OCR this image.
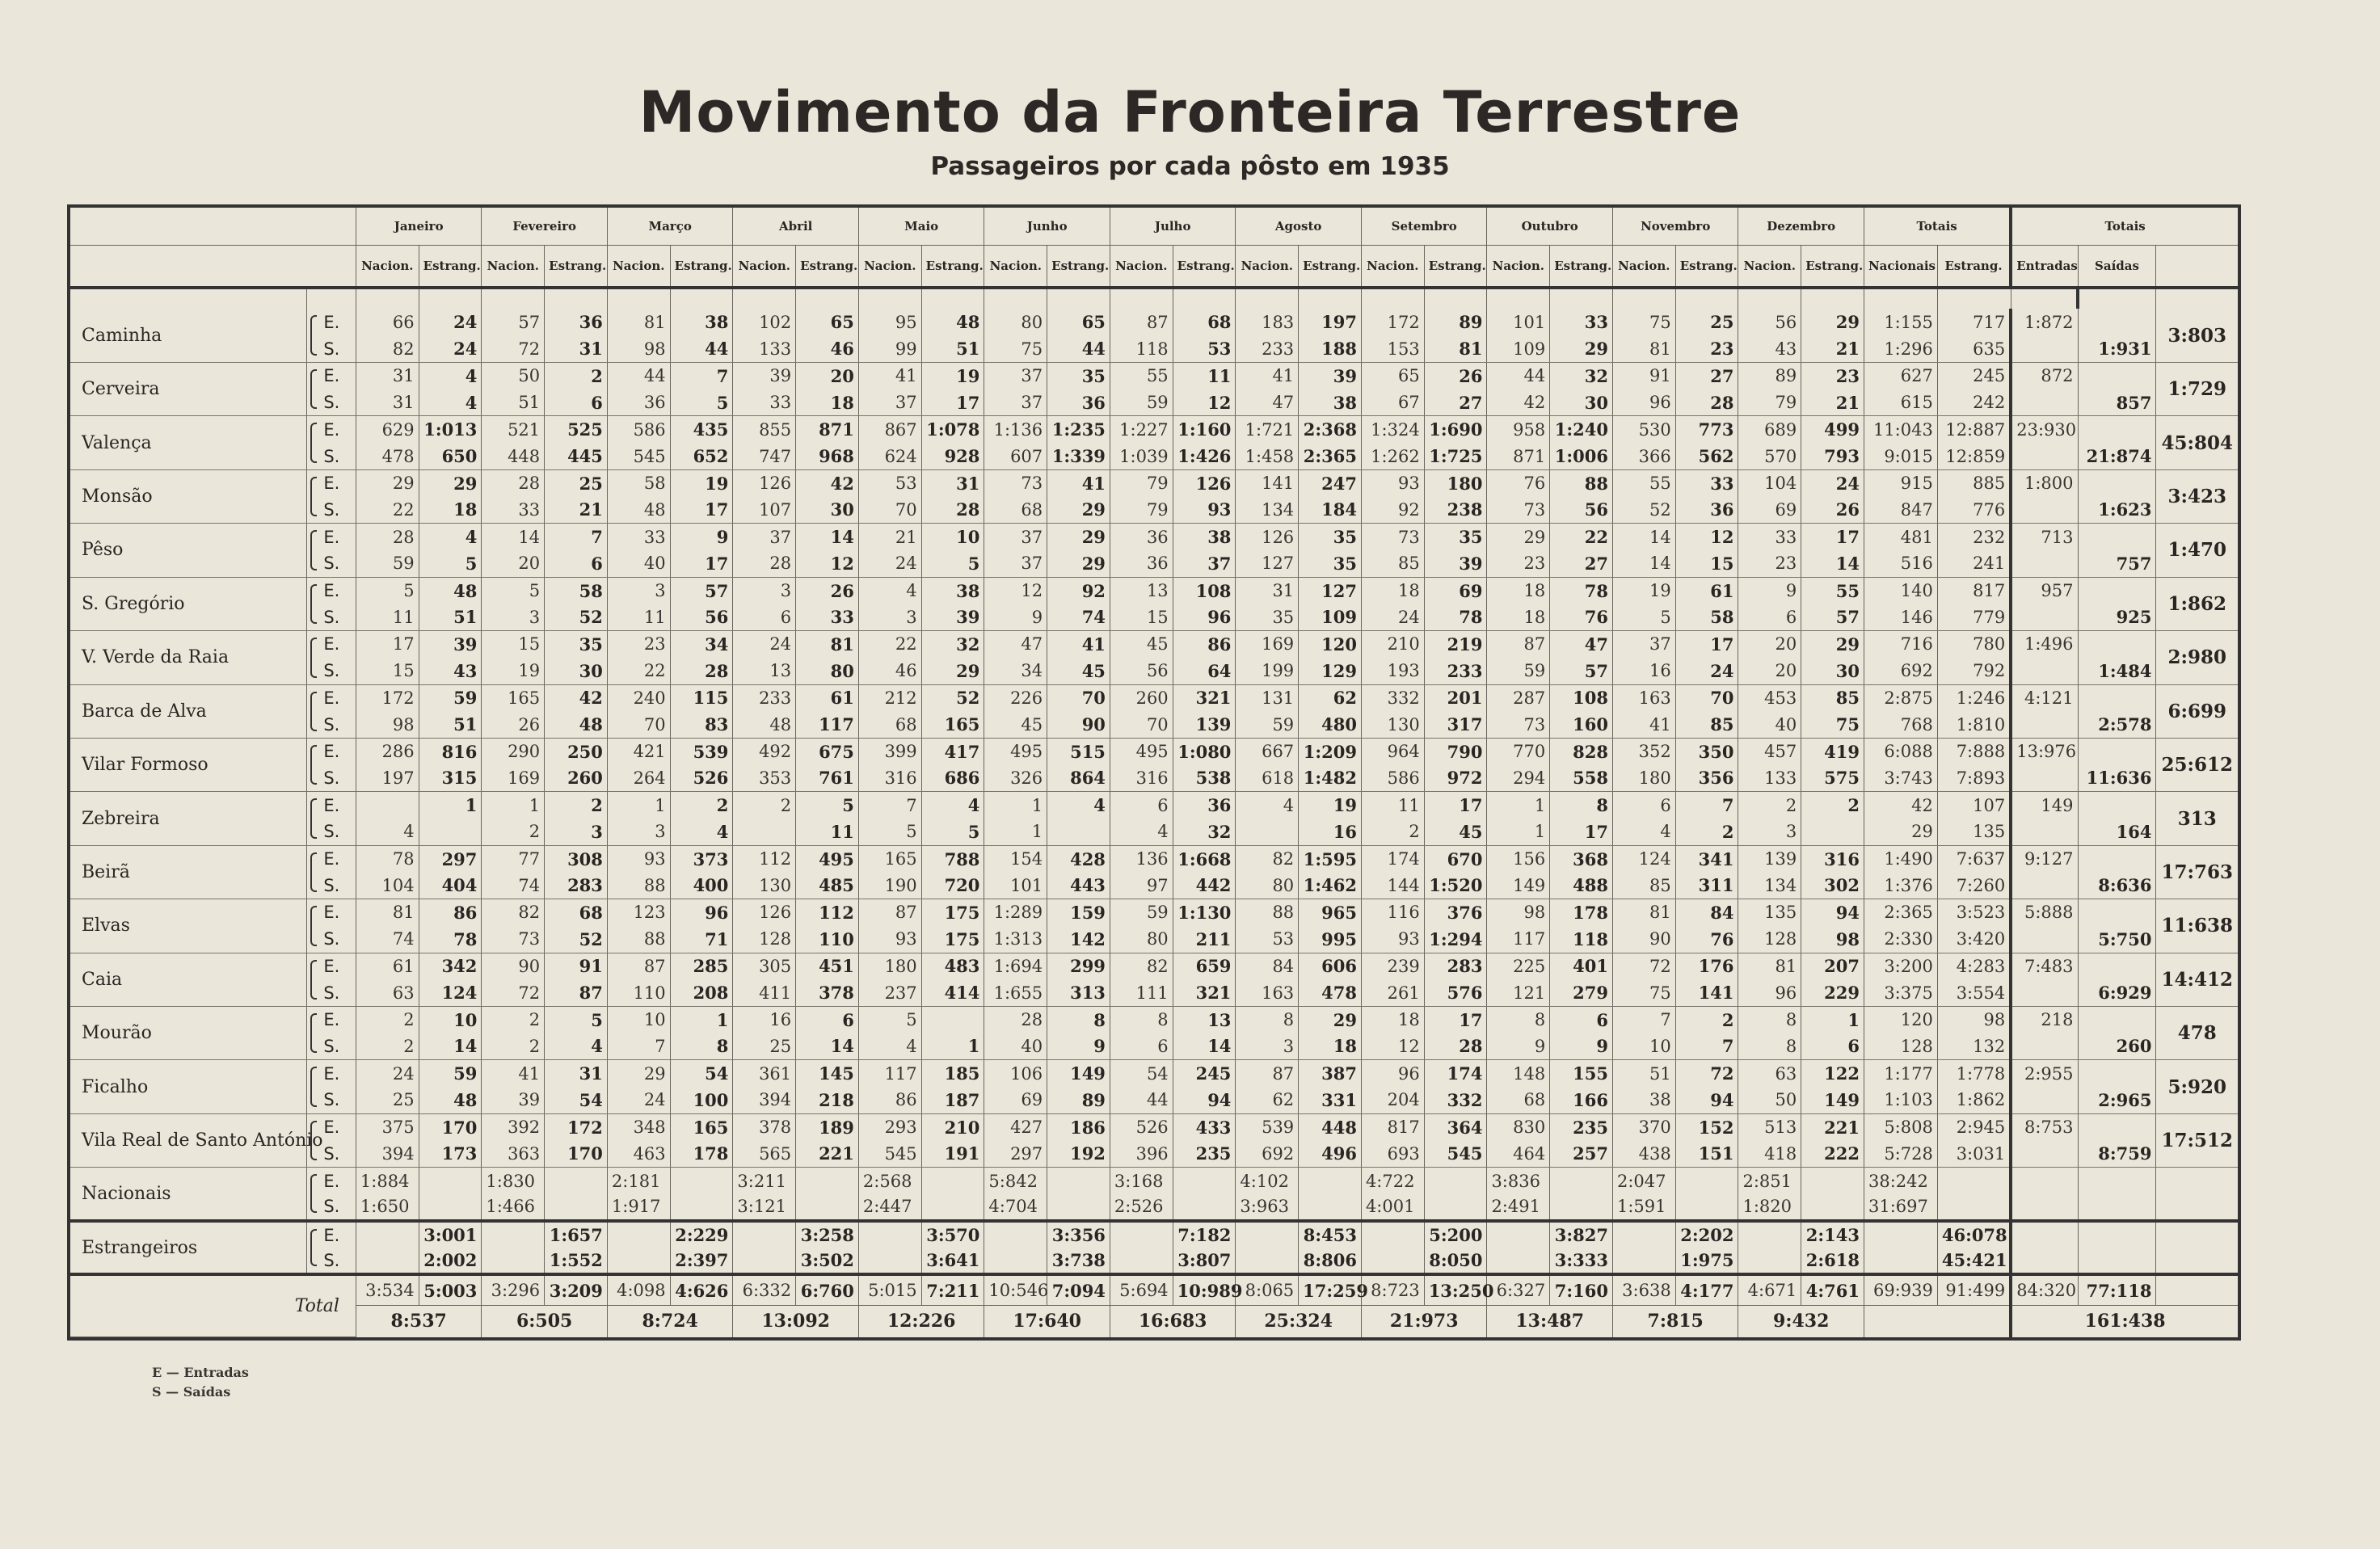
Movimento da Fronteira Terrestre
Passageiros por cada pôsto em 1935
		Janeiro		Fevereiro		Março		Abril		Maio		Junho		Julho		Agosto		Setembro		Outubro		Novembro		Dezembro		Totais		Totais		
		Nacion.	Estrang.	Nacion.	Estrang.	Nacion.	Estrang.	Nacion.	Estrang.	Nacion.	Estrang.	Nacion.	Estrang.	Nacion.	Estrang.	Nacion.	Estrang.	Nacion.	Estrang.	Nacion.	Estrang.	Nacion.	Estrang.	Nacion.	Estrang.	Nacionais	Estrang.	Entradas	Saídas	

Caminha	E.	66	24	57	36	81	38	102	65	95	48	80	65	87	68	183	197	172	89	101	33	75	25	56	29	1:155	717	1:872		3:803
	S.	82	24	72	31	98	44	133	46	99	51	75	44	118	53	233	188	153	81	109	29	81	23	43	21	1:296	635		1:931	
Cerveira	E.	31	4	50	2	44	7	39	20	41	19	37	35	55	11	41	39	65	26	44	32	91	27	89	23	627	245	872		1:729
	S.	31	4	51	6	36	5	33	18	37	17	37	36	59	12	47	38	67	27	42	30	96	28	79	21	615	242		857	
Valença	E.	629	1:013	521	525	586	435	855	871	867	1:078	1:136	1:235	1:227	1:160	1:721	2:368	1:324	1:690	958	1:240	530	773	689	499	11:043	12:887	23:930		45:804
	S.	478	650	448	445	545	652	747	968	624	928	607	1:339	1:039	1:426	1:458	2:365	1:262	1:725	871	1:006	366	562	570	793	9:015	12:859		21:874	
Monsão	E.	29	29	28	25	58	19	126	42	53	31	73	41	79	126	141	247	93	180	76	88	55	33	104	24	915	885	1:800		3:423
	S.	22	18	33	21	48	17	107	30	70	28	68	29	79	93	134	184	92	238	73	56	52	36	69	26	847	776		1:623	
Pêso	E.	28	4	14	7	33	9	37	14	21	10	37	29	36	38	126	35	73	35	29	22	14	12	33	17	481	232	713		1:470
	S.	59	5	20	6	40	17	28	12	24	5	37	29	36	37	127	35	85	39	23	27	14	15	23	14	516	241		757	
S. Gregório	E.	5	48	5	58	3	57	3	26	4	38	12	92	13	108	31	127	18	69	18	78	19	61	9	55	140	817	957		1:862
	S.	11	51	3	52	11	56	6	33	3	39	9	74	15	96	35	109	24	78	18	76	5	58	6	57	146	779		925	
V. Verde da Raia	E.	17	39	15	35	23	34	24	81	22	32	47	41	45	86	169	120	210	219	87	47	37	17	20	29	716	780	1:496		2:980
	S.	15	43	19	30	22	28	13	80	46	29	34	45	56	64	199	129	193	233	59	57	16	24	20	30	692	792		1:484	
Barca de Alva	E.	172	59	165	42	240	115	233	61	212	52	226	70	260	321	131	62	332	201	287	108	163	70	453	85	2:875	1:246	4:121		6:699
	S.	98	51	26	48	70	83	48	117	68	165	45	90	70	139	59	480	130	317	73	160	41	85	40	75	768	1:810		2:578	
Vilar Formoso	E.	286	816	290	250	421	539	492	675	399	417	495	515	495	1:080	667	1:209	964	790	770	828	352	350	457	419	6:088	7:888	13:976		25:612
	S.	197	315	169	260	264	526	353	761	316	686	326	864	316	538	618	1:482	586	972	294	558	180	356	133	575	3:743	7:893		11:636	
Zebreira	E.		1	1	2	1	2	2	5	7	4	1	4	6	36	4	19	11	17	1	8	6	7	2	2	42	107	149		313
	S.	4		2	3	3	4		11	5	5	1		4	32		16	2	45	1	17	4	2	3		29	135		164	
Beirã	E.	78	297	77	308	93	373	112	495	165	788	154	428	136	1:668	82	1:595	174	670	156	368	124	341	139	316	1:490	7:637	9:127		17:763
	S.	104	404	74	283	88	400	130	485	190	720	101	443	97	442	80	1:462	144	1:520	149	488	85	311	134	302	1:376	7:260		8:636	
Elvas	E.	81	86	82	68	123	96	126	112	87	175	1:289	159	59	1:130	88	965	116	376	98	178	81	84	135	94	2:365	3:523	5:888		11:638
	S.	74	78	73	52	88	71	128	110	93	175	1:313	142	80	211	53	995	93	1:294	117	118	90	76	128	98	2:330	3:420		5:750	
Caia	E.	61	342	90	91	87	285	305	451	180	483	1:694	299	82	659	84	606	239	283	225	401	72	176	81	207	3:200	4:283	7:483		14:412
	S.	63	124	72	87	110	208	411	378	237	414	1:655	313	111	321	163	478	261	576	121	279	75	141	96	229	3:375	3:554		6:929	
Mourão	E.	2	10	2	5	10	1	16	6	5		28	8	8	13	8	29	18	17	8	6	7	2	8	1	120	98	218		478
	S.	2	14	2	4	7	8	25	14	4	1	40	9	6	14	3	18	12	28	9	9	10	7	8	6	128	132		260	
Ficalho	E.	24	59	41	31	29	54	361	145	117	185	106	149	54	245	87	387	96	174	148	155	51	72	63	122	1:177	1:778	2:955		5:920
	S.	25	48	39	54	24	100	394	218	86	187	69	89	44	94	62	331	204	332	68	166	38	94	50	149	1:103	1:862		2:965	
Vila Real de Santo António	E.	375	170	392	172	348	165	378	189	293	210	427	186	526	433	539	448	817	364	830	235	370	152	513	221	5:808	2:945	8:753		17:512
	S.	394	173	363	170	463	178	565	221	545	191	297	192	396	235	692	496	693	545	464	257	438	151	418	222	5:728	3:031		8:759	
Nacionais	E.	1:884		1:830		2:181		3:211		2:568		5:842		3:168		4:102		4:722		3:836		2:047		2:851		38:242				
	S.	1:650		1:466		1:917		3:121		2:447		4:704		2:526		3:963		4:001		2:491		1:591		1:820		31:697				
Estrangeiros	E.		3:001		1:657		2:229		3:258		3:570		3:356		7:182		8:453		5:200		3:827		2:202		2:143		46:078			
	S.		2:002		1:552		2:397		3:502		3:641		3:738		3:807		8:806		8:050		3:333		1:975		2:618		45:421			
Total		3:534	5:003	3:296	3:209	4:098	4:626	6:332	6:760	5:015	7:211	10:546	7:094	5:694	10:989	8:065	17:259	8:723	13:250	6:327	7:160	3:638	4:177	4:671	4:761	69:939	91:499	84:320	77:118	
		8:537		6:505		8:724		13:092		12:226		17:640		16:683		25:324		21:973		13:487		7:815		9:432				161:438		
E — Entradas
S — Saídas
